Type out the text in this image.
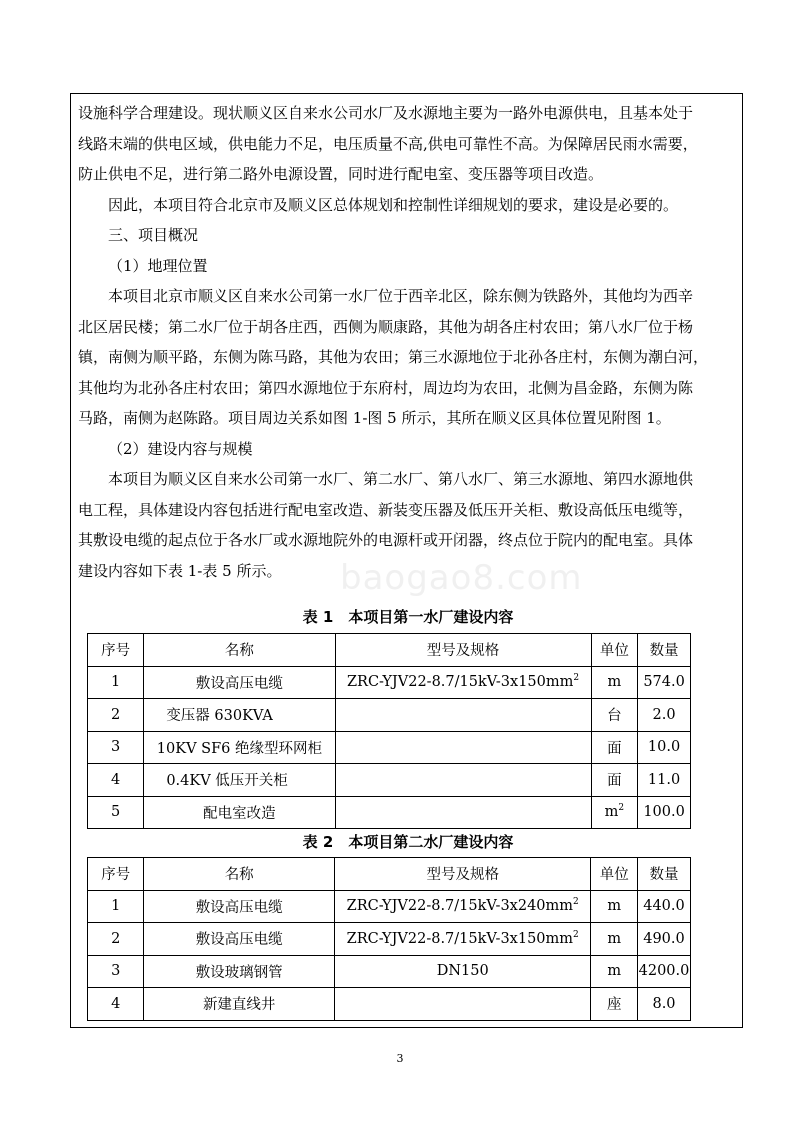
baogao8.com

设施科学合理建设。现状顺义区自来水公司水厂及水源地主要为一路外电源供电，且基本处于

线路末端的供电区域，供电能力不足，电压质量不高,供电可靠性不高。为保障居民雨水需要，

防止供电不足，进行第二路外电源设置，同时进行配电室、变压器等项目改造。

因此，本项目符合北京市及顺义区总体规划和控制性详细规划的要求，建设是必要的。

三、项目概况

（1）地理位置

本项目北京市顺义区自来水公司第一水厂位于西辛北区，除东侧为铁路外，其他均为西辛

北区居民楼；第二水厂位于胡各庄西，西侧为顺康路，其他为胡各庄村农田；第八水厂位于杨

镇，南侧为顺平路，东侧为陈马路，其他为农田；第三水源地位于北孙各庄村，东侧为潮白河，

其他均为北孙各庄村农田；第四水源地位于东府村，周边均为农田，北侧为昌金路，东侧为陈

马路，南侧为赵陈路。项目周边关系如图 1-图 5 所示，其所在顺义区具体位置见附图 1。

（2）建设内容与规模

本项目为顺义区自来水公司第一水厂、第二水厂、第八水厂、第三水源地、第四水源地供

电工程，具体建设内容包括进行配电室改造、新装变压器及低压开关柜、敷设高低压电缆等，

其敷设电缆的起点位于各水厂或水源地院外的电源杆或开闭器，终点位于院内的配电室。具体

建设内容如下表 1-表 5 所示。

表 1　本项目第一水厂建设内容

序号	名称	型号及规格	单位	数量
1	敷设高压电缆	ZRC-$YJV22-8.7/15kV-3x150mm^2$	m	574.0
2	变压器 630KVA		台	2.0
3	10KV SF6 绝缘型环网柜		面	10.0
4	0.4KV 低压开关柜		面	11.0
5	配电室改造		$m^2$	100.0

表 2　本项目第二水厂建设内容

序号	名称	型号及规格	单位	数量
1	敷设高压电缆	ZRC-$YJV22-8.7/15kV-3x240mm^2$	m	440.0
2	敷设高压电缆	ZRC-$YJV22-8.7/15kV-3x150mm^2$	m	490.0
3	敷设玻璃钢管	DN150	m	4200.0
4	新建直线井		座	8.0
3
